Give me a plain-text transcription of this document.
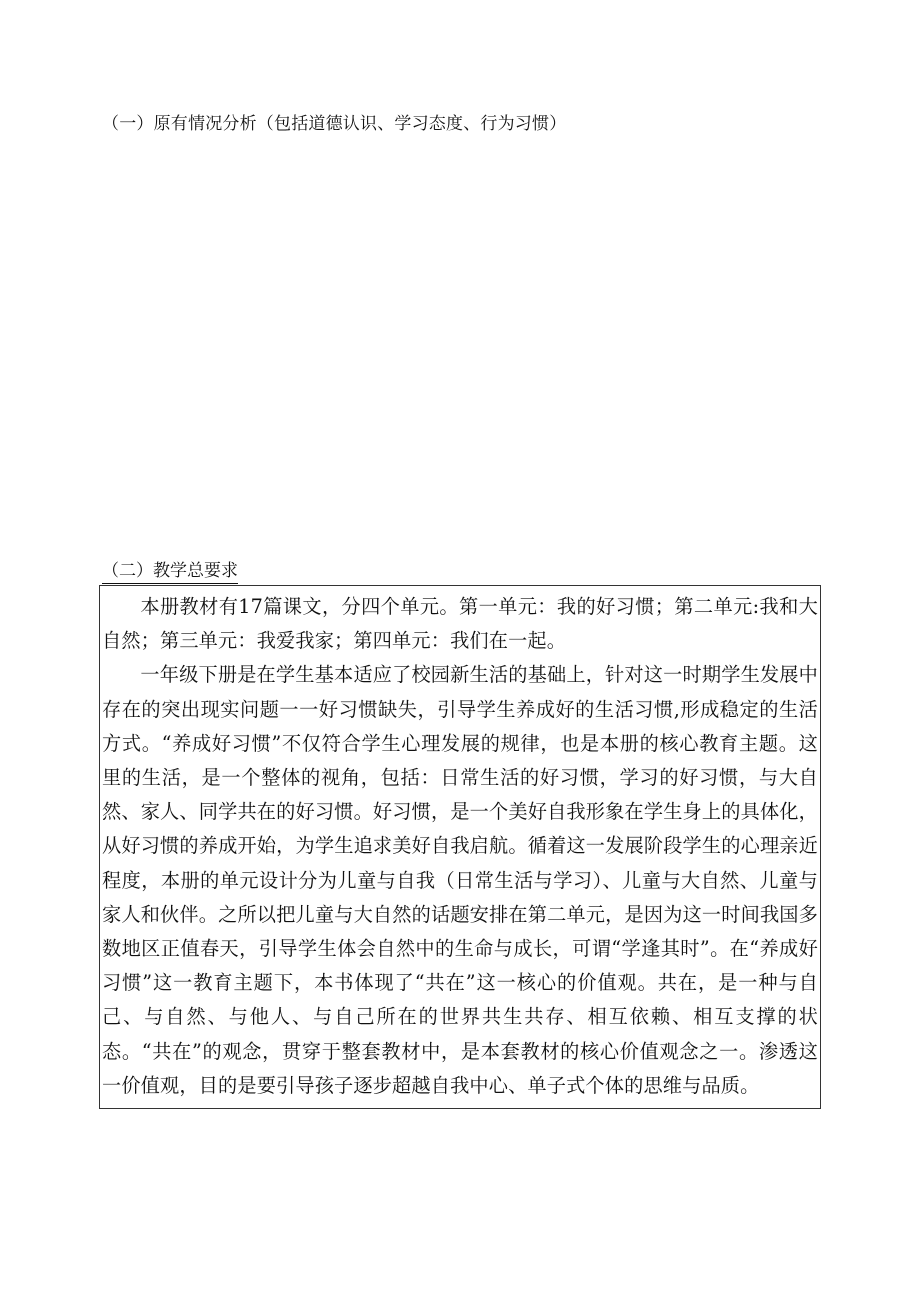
（一）原有情况分析（包括道德认识、学习态度、行为习惯）
（二）教学总要求

本册教材有17篇课文，分四个单元。第一单元：我的好习惯；第二单元:我和大自然；第三单元：我爱我家；第四单元：我们在一起。

一年级下册是在学生基本适应了校园新生活的基础上，针对这一时期学生发展中存在的突出现实问题一一好习惯缺失，引导学生养成好的生活习惯,形成稳定的生活方式。“养成好习惯”不仅符合学生心理发展的规律，也是本册的核心教育主题。这里的生活，是一个整体的视角，包括：日常生活的好习惯，学习的好习惯，与大自然、家人、同学共在的好习惯。好习惯，是一个美好自我形象在学生身上的具体化，从好习惯的养成开始，为学生追求美好自我启航。循着这一发展阶段学生的心理亲近程度，本册的单元设计分为儿童与自我（日常生活与学习）、儿童与大自然、儿童与家人和伙伴。之所以把儿童与大自然的话题安排在第二单元，是因为这一时间我国多数地区正值春天，引导学生体会自然中的生命与成长，可谓“学逢其时”。在“养成好习惯”这一教育主题下，本书体现了“共在”这一核心的价值观。共在，是一种与自己、与自然、与他人、与自己所在的世界共生共存、相互依赖、相互支撑的状态。“共在”的观念，贯穿于整套教材中，是本套教材的核心价值观念之一。渗透这一价值观，目的是要引导孩子逐步超越自我中心、单子式个体的思维与品质。
